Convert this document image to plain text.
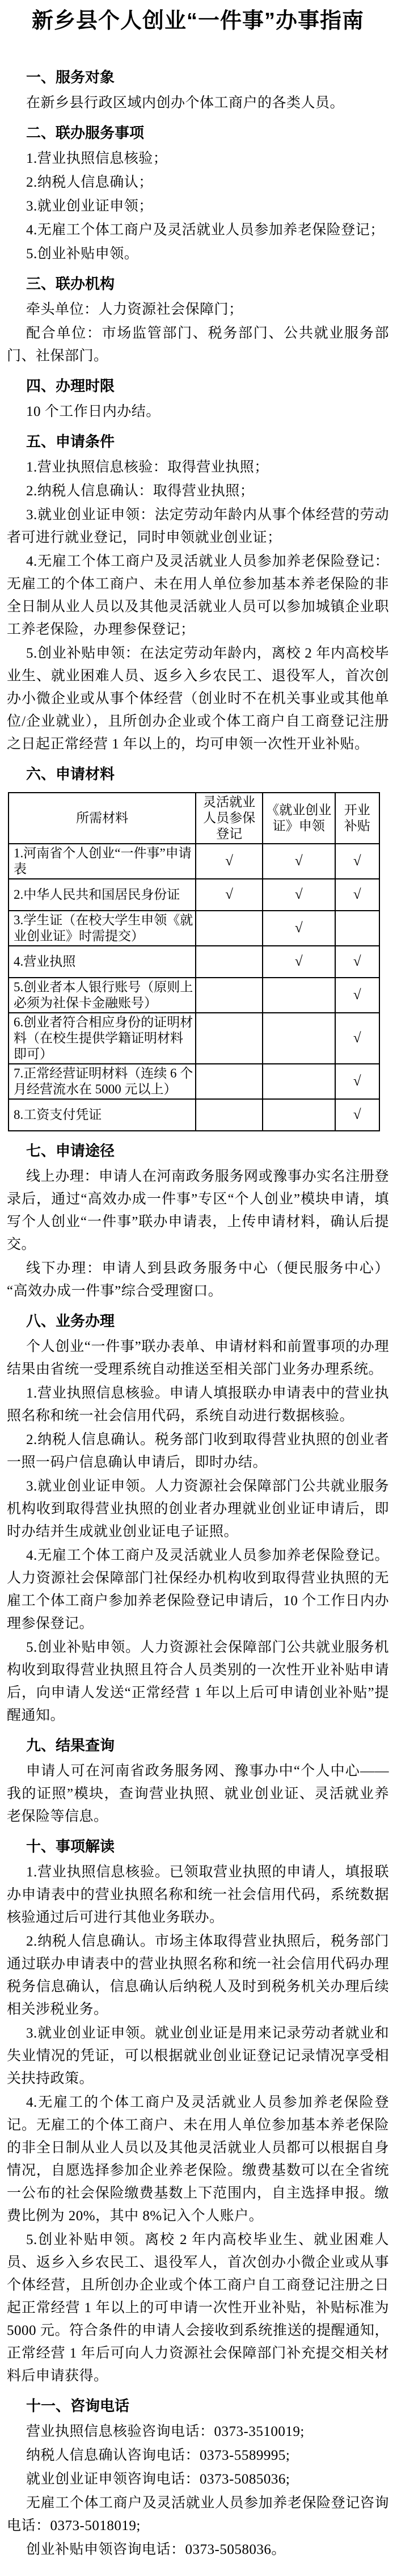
新乡县个人创业“一件事”办事指南
一、服务对象

在新乡县行政区域内创办个体工商户的各类人员。

二、联办服务事项

1.营业执照信息核验；

2.纳税人信息确认；

3.就业创业证申领；

4.无雇工个体工商户及灵活就业人员参加养老保险登记；

5.创业补贴申领。

三、联办机构

牵头单位：人力资源社会保障门；

配合单位：市场监管部门、税务部门、公共就业服务部门、社保部门。

四、办理时限

10 个工作日内办结。

五、申请条件

1.营业执照信息核验：取得营业执照；

2.纳税人信息确认：取得营业执照；

3.就业创业证申领：法定劳动年龄内从事个体经营的劳动者可进行就业登记，同时申领就业创业证；

4.无雇工个体工商户及灵活就业人员参加养老保险登记：无雇工的个体工商户、未在用人单位参加基本养老保险的非全日制从业人员以及其他灵活就业人员可以参加城镇企业职工养老保险，办理参保登记；

5.创业补贴申领：在法定劳动年龄内，离校 2 年内高校毕业生、就业困难人员、返乡入乡农民工、退役军人，首次创办小微企业或从事个体经营（创业时不在机关事业或其他单位/企业就业），且所创办企业或个体工商户自工商登记注册之日起正常经营 1 年以上的，均可申领一次性开业补贴。

六、申请材料
所需材料	灵活就业人员参保登记	《就业创业证》申领	开业补贴
1.河南省个人创业“一件事”申请表	√	√	√
2.中华人民共和国居民身份证	√	√	√
3.学生证（在校大学生申领《就业创业证》时需提交）		√	
4.营业执照		√	√
5.创业者本人银行账号（原则上必须为社保卡金融账号）			√
6.创业者符合相应身份的证明材料（在校生提供学籍证明材料即可）			√
7.正常经营证明材料（连续 6 个月经营流水在 5000 元以上）			√
8.工资支付凭证			√
七、申请途径

线上办理：申请人在河南政务服务网或豫事办实名注册登录后，通过“高效办成一件事”专区“个人创业”模块申请，填写个人创业“一件事”联办申请表，上传申请材料，确认后提交。

线下办理：申请人到县政务服务中心（便民服务中心）“高效办成一件事”综合受理窗口。

八、业务办理

个人创业“一件事”联办表单、申请材料和前置事项的办理结果由省统一受理系统自动推送至相关部门业务办理系统。

1.营业执照信息核验。申请人填报联办申请表中的营业执照名称和统一社会信用代码，系统自动进行数据核验。

2.纳税人信息确认。税务部门收到取得营业执照的创业者一照一码户信息确认申请后，即时办结。

3.就业创业证申领。人力资源社会保障部门公共就业服务机构收到取得营业执照的创业者办理就业创业证申请后，即时办结并生成就业创业证电子证照。

4.无雇工个体工商户及灵活就业人员参加养老保险登记。人力资源社会保障部门社保经办机构收到取得营业执照的无雇工个体工商户参加养老保险登记申请后，10 个工作日内办理参保登记。

5.创业补贴申领。人力资源社会保障部门公共就业服务机构收到取得营业执照且符合人员类别的一次性开业补贴申请后，向申请人发送“正常经营 1 年以上后可申请创业补贴”提醒通知。

九、结果查询

申请人可在河南省政务服务网、豫事办中“个人中心——我的证照”模块，查询营业执照、就业创业证、灵活就业养老保险等信息。

十、事项解读

1.营业执照信息核验。已领取营业执照的申请人，填报联办申请表中的营业执照名称和统一社会信用代码，系统数据核验通过后可进行其他业务联办。

2.纳税人信息确认。市场主体取得营业执照后，税务部门通过联办申请表中的营业执照名称和统一社会信用代码办理税务信息确认，信息确认后纳税人及时到税务机关办理后续相关涉税业务。

3.就业创业证申领。就业创业证是用来记录劳动者就业和失业情况的凭证，可以根据就业创业证登记记录情况享受相关扶持政策。

4.无雇工的个体工商户及灵活就业人员参加养老保险登记。无雇工的个体工商户、未在用人单位参加基本养老保险的非全日制从业人员以及其他灵活就业人员都可以根据自身情况，自愿选择参加企业养老保险。缴费基数可以在全省统一公布的社会保险缴费基数上下范围内，自主选择申报。缴费比例为 20%，其中 8%记入个人账户。

5.创业补贴申领。离校 2 年内高校毕业生、就业困难人员、返乡入乡农民工、退役军人，首次创办小微企业或从事个体经营，且所创办企业或个体工商户自工商登记注册之日起正常经营 1 年以上的可申请一次性开业补贴，补贴标准为 5000 元。符合条件的申请人会接收到系统推送的提醒通知，正常经营 1 年后可向人力资源社会保障部门补充提交相关材料后申请获得。

十一、咨询电话

营业执照信息核验咨询电话：0373-3510019;

纳税人信息确认咨询电话：0373-5589995;

就业创业证申领咨询电话：0373-5085036;

无雇工个体工商户及灵活就业人员参加养老保险登记咨询电话：0373-5018019;

创业补贴申领咨询电话：0373-5058036。
